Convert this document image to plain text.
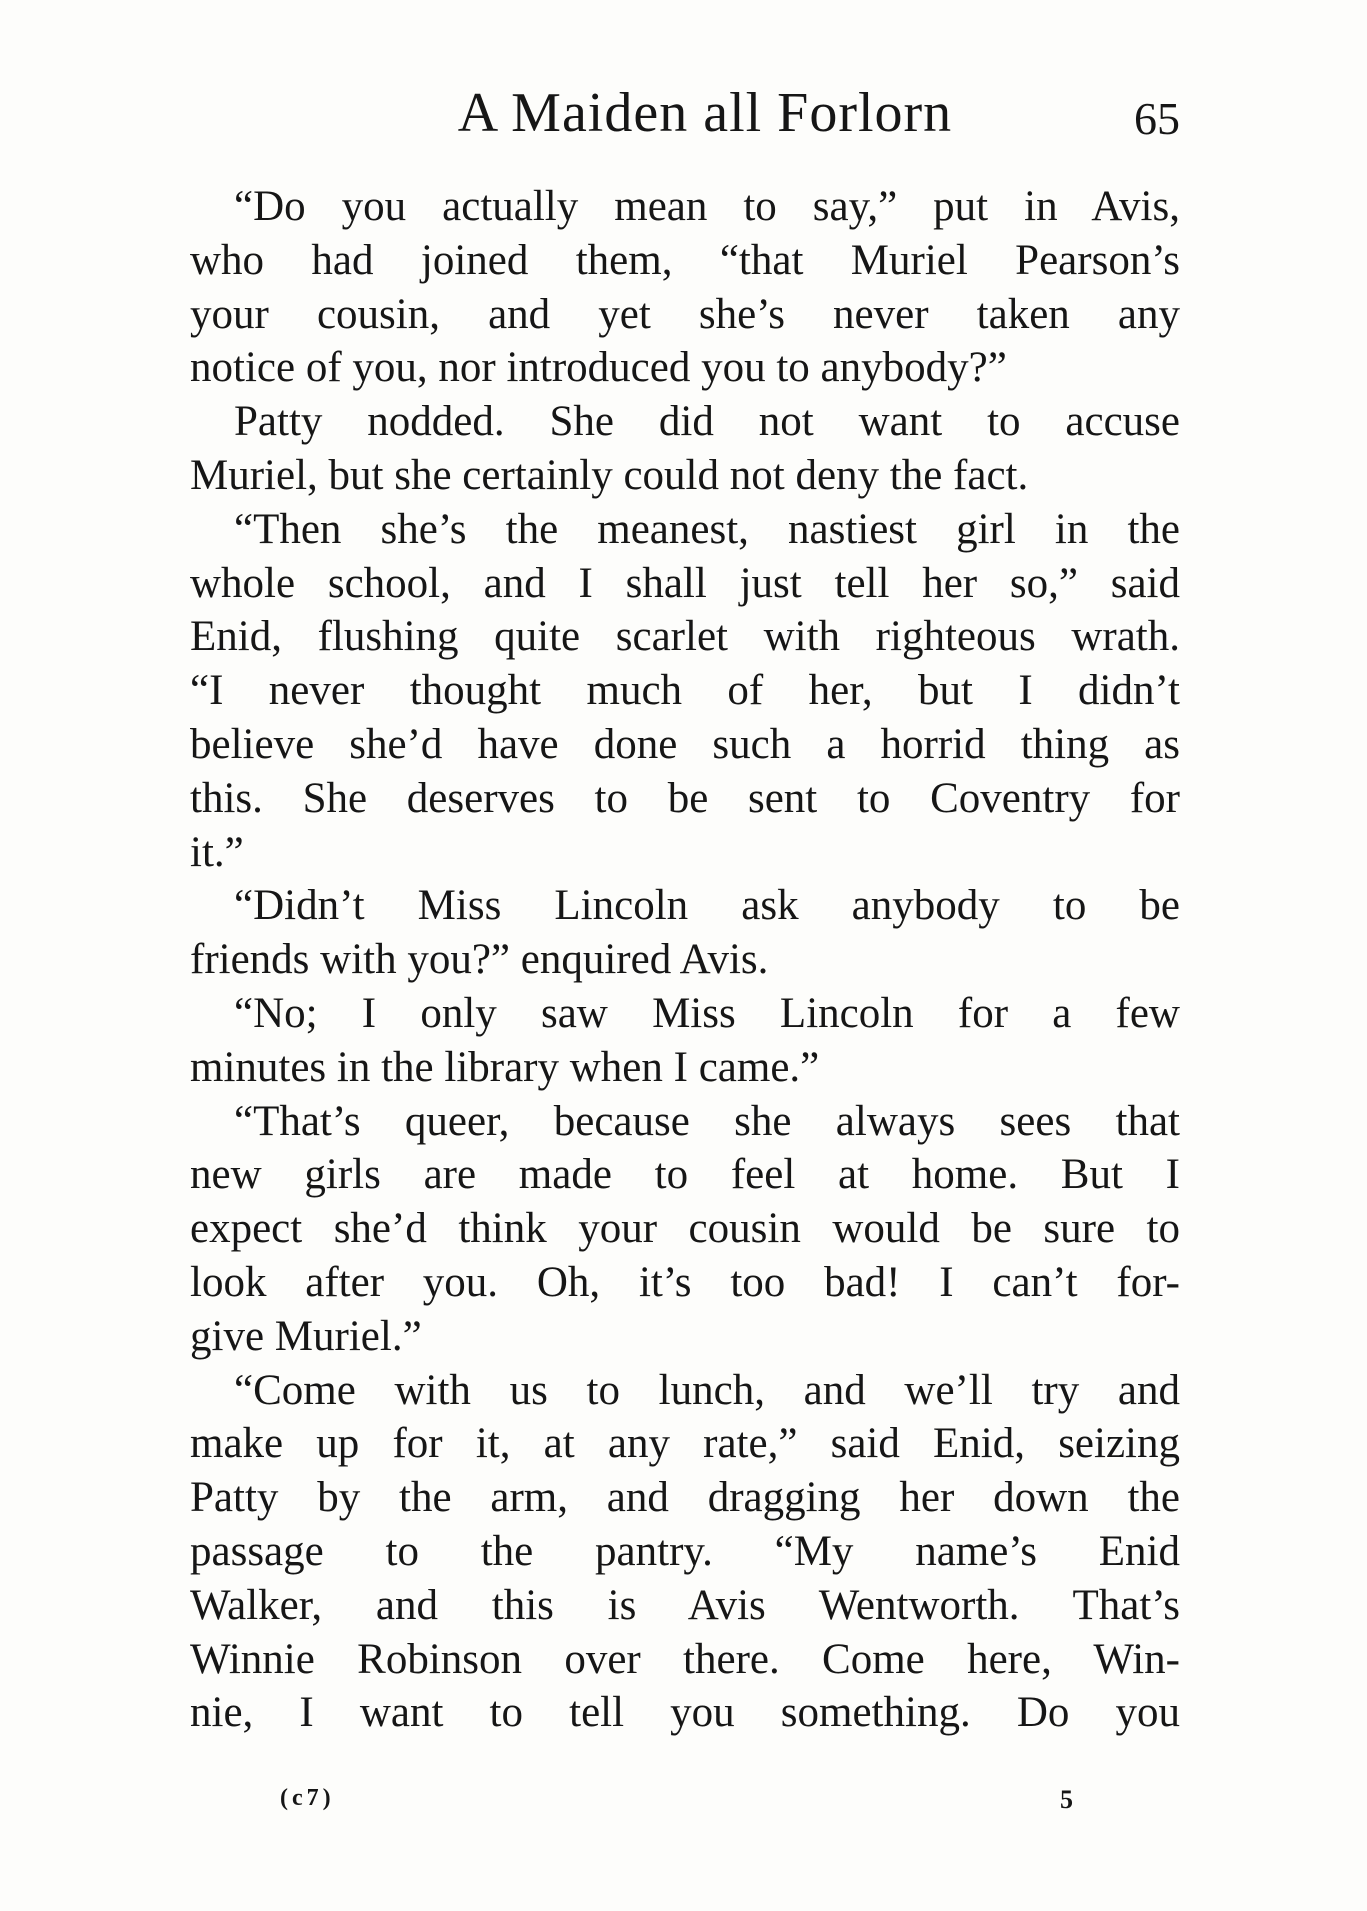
A Maiden all Forlorn	65
“Do you actually mean to say,” put in Avis,
who had joined them, “that Muriel Pearson’s
your cousin, and yet she’s never taken any
notice of you, nor introduced you to anybody?”
Patty nodded. She did not want to accuse
Muriel, but she certainly could not deny the fact.
“Then she’s the meanest, nastiest girl in the
whole school, and I shall just tell her so,” said
Enid, flushing quite scarlet with righteous wrath.
“I never thought much of her, but I didn’t
believe she’d have done such a horrid thing as
this. She deserves to be sent to Coventry for
it.”
“Didn’t Miss Lincoln ask anybody to be
friends with you?” enquired Avis.
“No; I only saw Miss Lincoln for a few
minutes in the library when I came.”
“That’s queer, because she always sees that
new girls are made to feel at home. But I
expect she’d think your cousin would be sure to
look after you. Oh, it’s too bad! I can’t for-
give Muriel.”
“Come with us to lunch, and we’ll try and
make up for it, at any rate,” said Enid, seizing
Patty by the arm, and dragging her down the
passage to the pantry. “My name’s Enid
Walker, and this is Avis Wentworth. That’s
Winnie Robinson over there. Come here, Win-
nie, I want to tell you something. Do you
(c7)	5
